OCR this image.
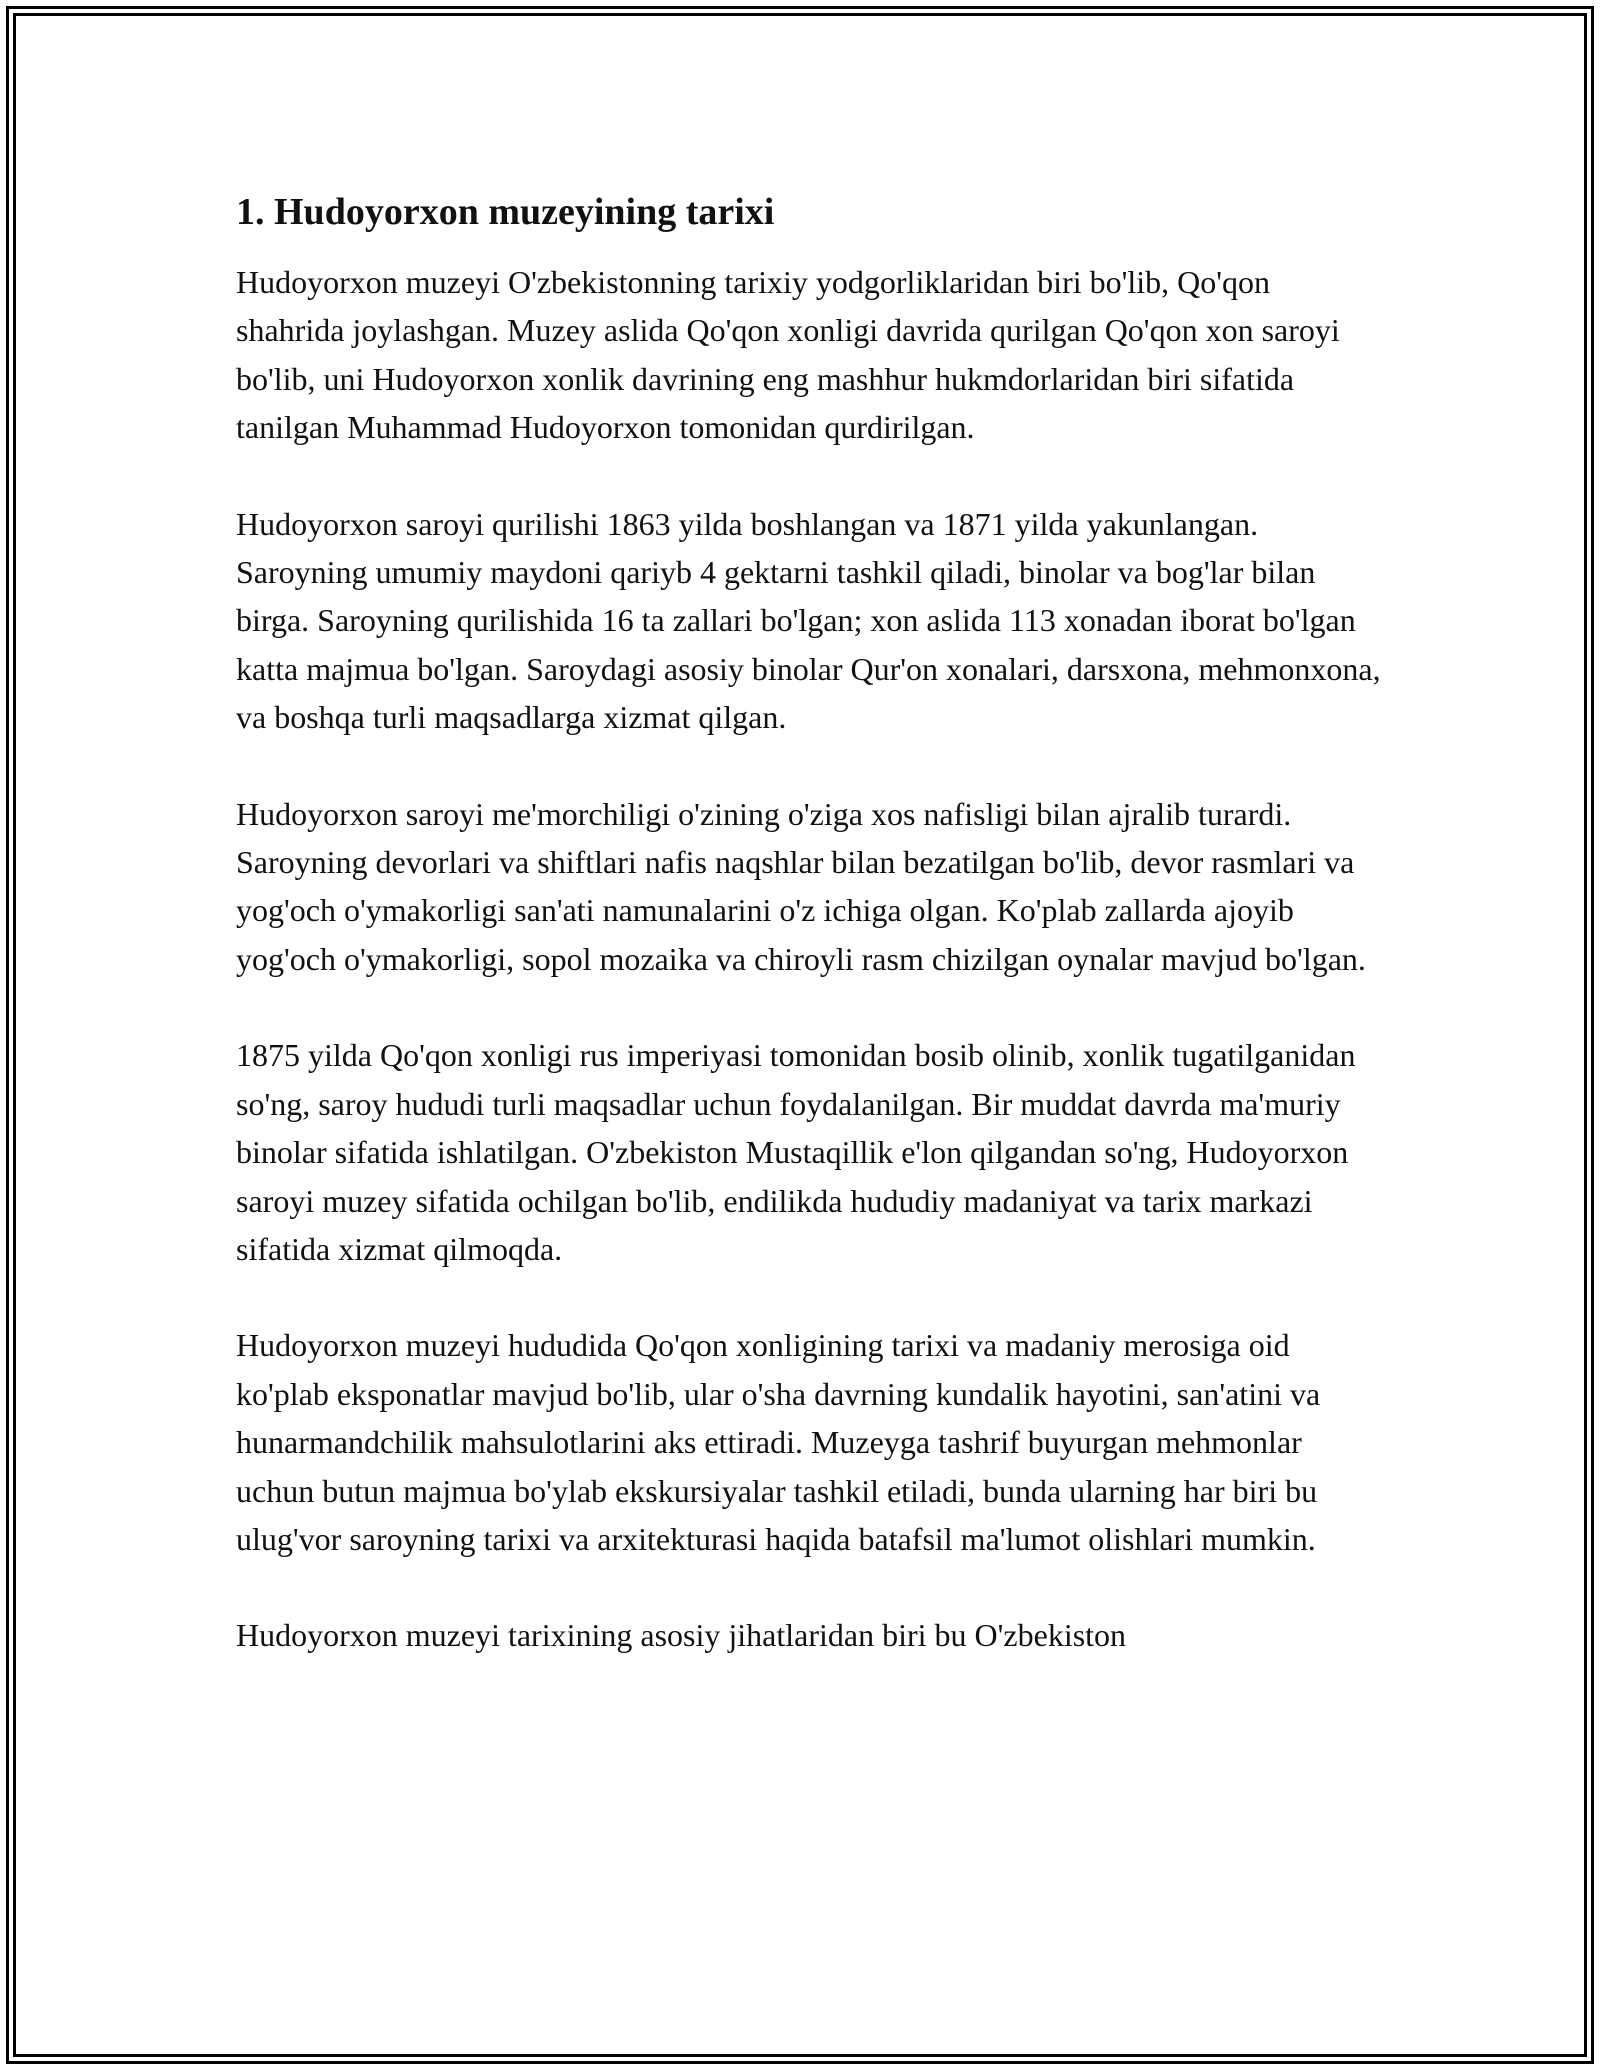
1. Hudoyorxon muzeyining tarixi

Hudoyorxon muzeyi O'zbekistonning tarixiy yodgorliklaridan biri bo'lib, Qo'qon shahrida joylashgan. Muzey aslida Qo'qon xonligi davrida qurilgan Qo'qon xon saroyi bo'lib, uni Hudoyorxon xonlik davrining eng mashhur hukmdorlaridan biri sifatida tanilgan Muhammad Hudoyorxon tomonidan qurdirilgan.

Hudoyorxon saroyi qurilishi 1863 yilda boshlangan va 1871 yilda yakunlangan. Saroyning umumiy maydoni qariyb 4 gektarni tashkil qiladi, binolar va bog'lar bilan birga. Saroyning qurilishida 16 ta zallari bo'lgan; xon aslida 113 xonadan iborat bo'lgan katta majmua bo'lgan. Saroydagi asosiy binolar Qur'on xonalari, darsxona, mehmonxona, va boshqa turli maqsadlarga xizmat qilgan.

Hudoyorxon saroyi me'morchiligi o'zining o'ziga xos nafisligi bilan ajralib turardi. Saroyning devorlari va shiftlari nafis naqshlar bilan bezatilgan bo'lib, devor rasmlari va yog'och o'ymakorligi san'ati namunalarini o'z ichiga olgan. Ko'plab zallarda ajoyib yog'och o'ymakorligi, sopol mozaika va chiroyli rasm chizilgan oynalar mavjud bo'lgan.

1875 yilda Qo'qon xonligi rus imperiyasi tomonidan bosib olinib, xonlik tugatilganidan so'ng, saroy hududi turli maqsadlar uchun foydalanilgan. Bir muddat davrda ma'muriy binolar sifatida ishlatilgan. O'zbekiston Mustaqillik e'lon qilgandan so'ng, Hudoyorxon saroyi muzey sifatida ochilgan bo'lib, endilikda hududiy madaniyat va tarix markazi sifatida xizmat qilmoqda.

Hudoyorxon muzeyi hududida Qo'qon xonligining tarixi va madaniy merosiga oid ko'plab eksponatlar mavjud bo'lib, ular o'sha davrning kundalik hayotini, san'atini va hunarmandchilik mahsulotlarini aks ettiradi. Muzeyga tashrif buyurgan mehmonlar uchun butun majmua bo'ylab ekskursiyalar tashkil etiladi, bunda ularning har biri bu ulug'vor saroyning tarixi va arxitekturasi haqida batafsil ma'lumot olishlari mumkin.

Hudoyorxon muzeyi tarixining asosiy jihatlaridan biri bu O'zbekiston
